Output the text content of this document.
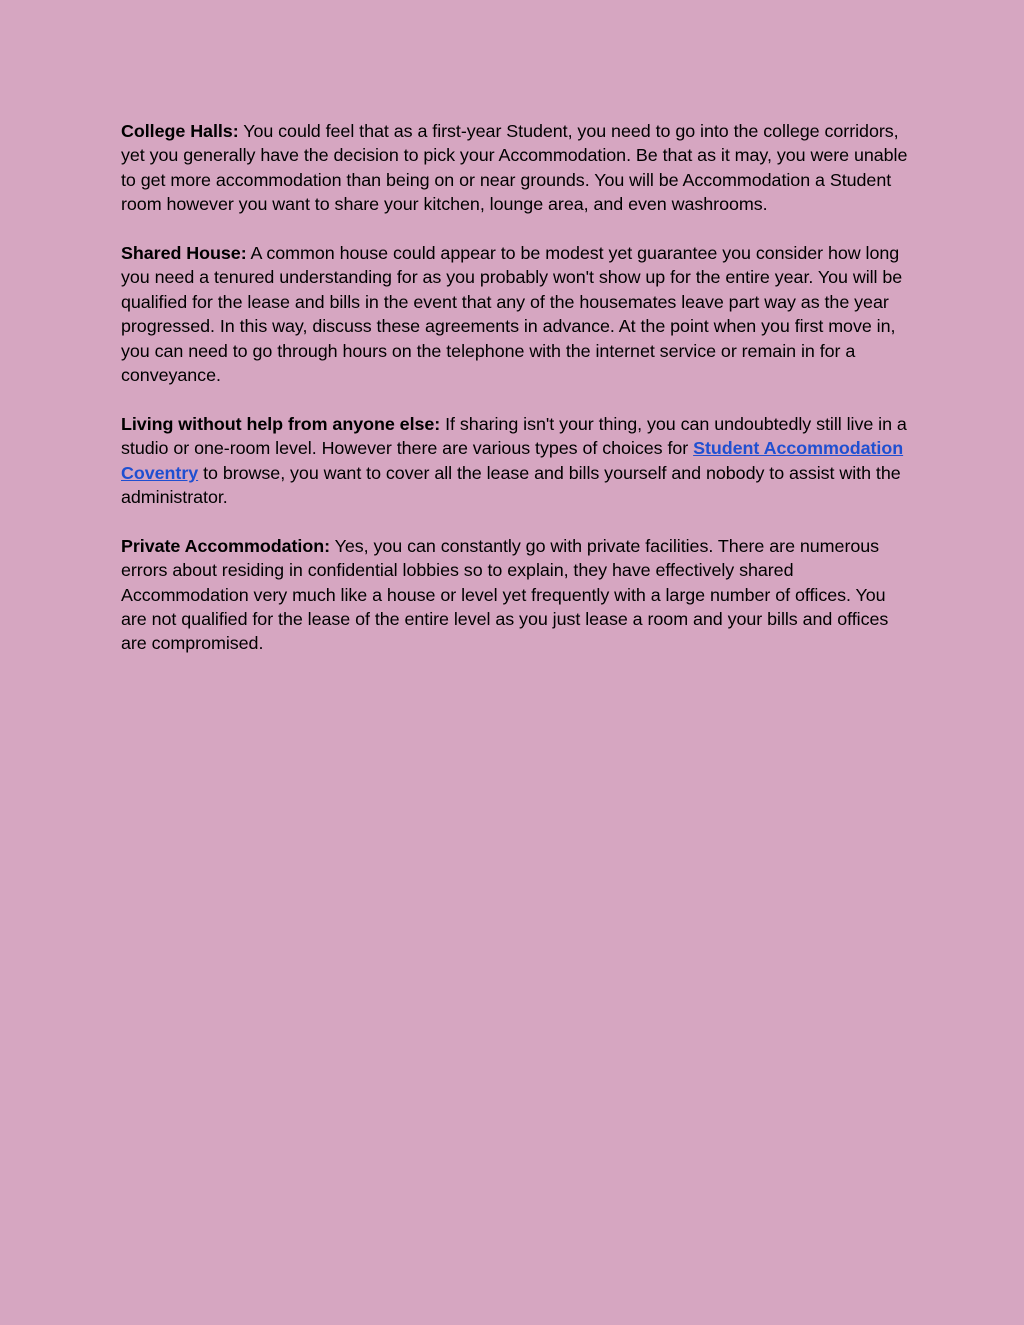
College Halls: You could feel that as a first-year Student, you need to go into the college corridors, yet you generally have the decision to pick your Accommodation. Be that as it may, you were unable to get more accommodation than being on or near grounds. You will be Accommodation a Student room however you want to share your kitchen, lounge area, and even washrooms.

Shared House: A common house could appear to be modest yet guarantee you consider how long you need a tenured understanding for as you probably won't show up for the entire year. You will be qualified for the lease and bills in the event that any of the housemates leave part way as the year progressed. In this way, discuss these agreements in advance. At the point when you first move in, you can need to go through hours on the telephone with the internet service or remain in for a conveyance.

Living without help from anyone else: If sharing isn't your thing, you can undoubtedly still live in a studio or one-room level. However there are various types of choices for Student Accommodation Coventry to browse, you want to cover all the lease and bills yourself and nobody to assist with the administrator.

Private Accommodation: Yes, you can constantly go with private facilities. There are numerous errors about residing in confidential lobbies so to explain, they have effectively shared Accommodation very much like a house or level yet frequently with a large number of offices. You are not qualified for the lease of the entire level as you just lease a room and your bills and offices are compromised.
